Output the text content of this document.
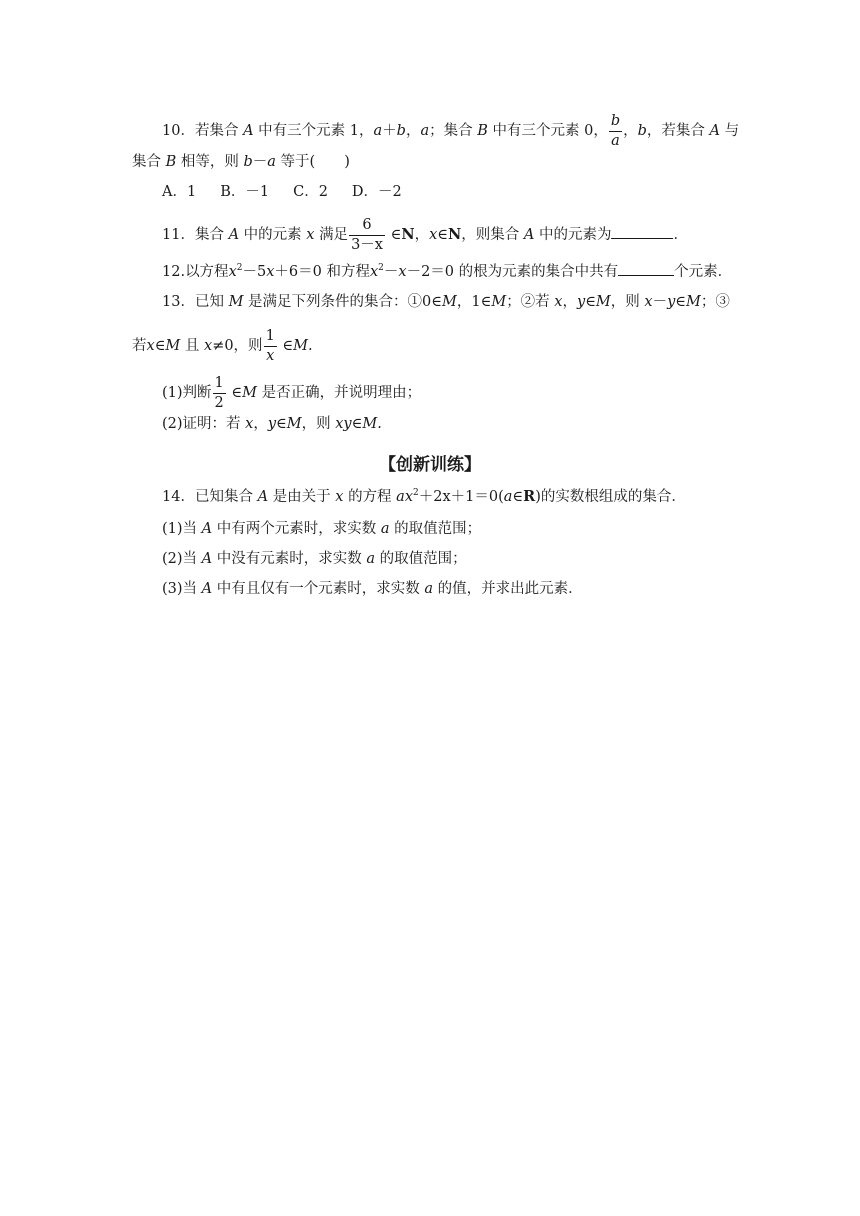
10．若集合 A 中有三个元素 1，a＋b，a；集合 B 中有三个元素 0， $\frac{b}{a}$ ，b，若集合 A 与
集合 B 相等，则 b－a 等于(　　)
A．1 B．－1 C．2 D．－2
11．集合 A 中的元素 x 满足 $\frac{6}{3-x}$ ∈N，x∈N，则集合 A 中的元素为	．
12.以方程$x^2-5x+6=0$ 和方程$x^2-x-2=0$ 的根为元素的集合中共有	个元素．
13．已知 M 是满足下列条件的集合：①0∈M，1∈M；②若 x，y∈M，则 x－y∈M；③
若x∈M 且 x≠0，则 $\frac{1}{x}$ ∈M.
(1)判断 $\frac{1}{2}$ ∈M 是否正确，并说明理由；
(2)证明：若 x，y∈M，则 xy∈M.
【创新训练】
14．已知集合 A 是由关于 x 的方程 $ax^2+2x+1=0(a\in R)$的实数根组成的集合．
(1)当 A 中有两个元素时，求实数 a 的取值范围；
(2)当 A 中没有元素时，求实数 a 的取值范围；
(3)当 A 中有且仅有一个元素时，求实数 a 的值，并求出此元素．
